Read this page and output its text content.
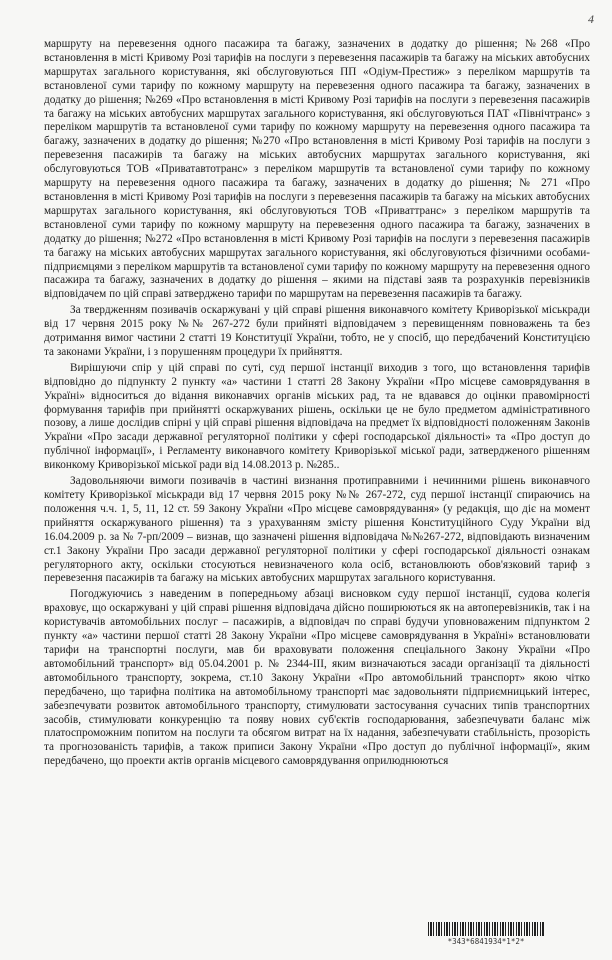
4

маршруту на перевезення одного пасажира та багажу, зазначених в додатку до рішення; №268 «Про встановлення в місті Кривому Розі тарифів на послуги з перевезення пасажирів та багажу на міських автобусних маршрутах загального користування, які обслуговуються ПП «Одіум-Престиж» з переліком маршрутів та встановленої суми тарифу по кожному маршруту на перевезення одного пасажира та багажу, зазначених в додатку до рішення; №269 «Про встановлення в місті Кривому Розі тарифів на послуги з перевезення пасажирів та багажу на міських автобусних маршрутах загального користування, які обслуговуються ПАТ «Північтранс» з переліком маршрутів та встановленої суми тарифу по кожному маршруту на перевезення одного пасажира та багажу, зазначених в додатку до рішення; №270 «Про встановлення в місті Кривому Розі тарифів на послуги з перевезення пасажирів та багажу на міських автобусних маршрутах загального користування, які обслуговуються ТОВ «Приватавтотранс» з переліком маршрутів та встановленої суми тарифу по кожному маршруту на перевезення одного пасажира та багажу, зазначених в додатку до рішення; № 271 «Про встановлення в місті Кривому Розі тарифів на послуги з перевезення пасажирів та багажу на міських автобусних маршрутах загального користування, які обслуговуються ТОВ «Приваттранс» з переліком маршрутів та встановленої суми тарифу по кожному маршруту на перевезення одного пасажира та багажу, зазначених в додатку до рішення; №272 «Про встановлення в місті Кривому Розі тарифів на послуги з перевезення пасажирів та багажу на міських автобусних маршрутах загального користування, які обслуговуються фізичними особами-підприємцями з переліком маршрутів та встановленої суми тарифу по кожному маршруту на перевезення одного пасажира та багажу, зазначених в додатку до рішення – якими на підставі заяв та розрахунків перевізників відповідачем по цій справі затверджено тарифи по маршрутам на перевезення пасажирів та багажу.

За твердженням позивачів оскаржувані у цій справі рішення виконавчого комітету Криворізької міськради від 17 червня 2015 року №№ 267-272 були прийняті відповідачем з перевищенням повноважень та без дотримання вимог частини 2 статті 19 Конституції України, тобто, не у спосіб, що передбачений Конституцією та законами України, і з порушенням процедури їх прийняття.

Вирішуючи спір у цій справі по суті, суд першої інстанції виходив з того, що встановлення тарифів відповідно до підпункту 2 пункту «а» частини 1 статті 28 Закону України «Про місцеве самоврядування в Україні» відноситься до відання виконавчих органів міських рад, та не вдавався до оцінки правомірності формування тарифів при прийнятті оскаржуваних рішень, оскільки це не було предметом адміністративного позову, а лише дослідив спірні у цій справі рішення відповідача на предмет їх відповідності положенням Законів України «Про засади державної регуляторної політики у сфері господарської діяльності» та «Про доступ до публічної інформації», і Регламенту виконавчого комітету Криворізької міської ради, затвердженого рішенням виконкому Криворізької міської ради від 14.08.2013 р. №285..

Задовольняючи вимоги позивачів в частині визнання протиправними і нечинними рішень виконавчого комітету Криворізької міськради від 17 червня 2015 року №№ 267-272, суд першої інстанції спираючись на положення ч.ч. 1, 5, 11, 12 ст. 59 Закону України «Про місцеве самоврядування» (у редакція, що діє на момент прийняття оскаржуваного рішення) та з урахуванням змісту рішення Конституційного Суду України від 16.04.2009 р. за № 7-рп/2009 – визнав, що зазначені рішення відповідача №№267-272, відповідають визначеним ст.1 Закону України Про засади державної регуляторної політики у сфері господарської діяльності ознакам регуляторного акту, оскільки стосуються невизначеного кола осіб, встановлюють обов'язковий тариф з перевезення пасажирів та багажу на міських автобусних маршрутах загального користування.

Погоджуючись з наведеним в попередньому абзаці висновком суду першої інстанції, судова колегія враховує, що оскаржувані у цій справі рішення відповідача дійсно поширюються як на автоперевізників, так і на користувачів автомобільних послуг – пасажирів, а відповідач по справі будучи уповноваженим підпунктом 2 пункту «а» частини першої статті 28 Закону України «Про місцеве самоврядування в Україні» встановлювати тарифи на транспортні послуги, мав би враховувати положення спеціального Закону України «Про автомобільний транспорт» від 05.04.2001 р. № 2344-III, яким визначаються засади організації та діяльності автомобільного транспорту, зокрема, ст.10 Закону України «Про автомобільний транспорт» якою чітко передбачено, що тарифна політика на автомобільному транспорті має задовольняти підприємницький інтерес, забезпечувати розвиток автомобільного транспорту, стимулювати застосування сучасних типів транспортних засобів, стимулювати конкуренцію та появу нових суб'єктів господарювання, забезпечувати баланс між платоспроможним попитом на послуги та обсягом витрат на їх надання, забезпечувати стабільність, прозорість та прогнозованість тарифів, а також приписи Закону України «Про доступ до публічної інформації», яким передбачено, що проекти актів органів місцевого самоврядування оприлюднюються

*343*6841934*1*2*
